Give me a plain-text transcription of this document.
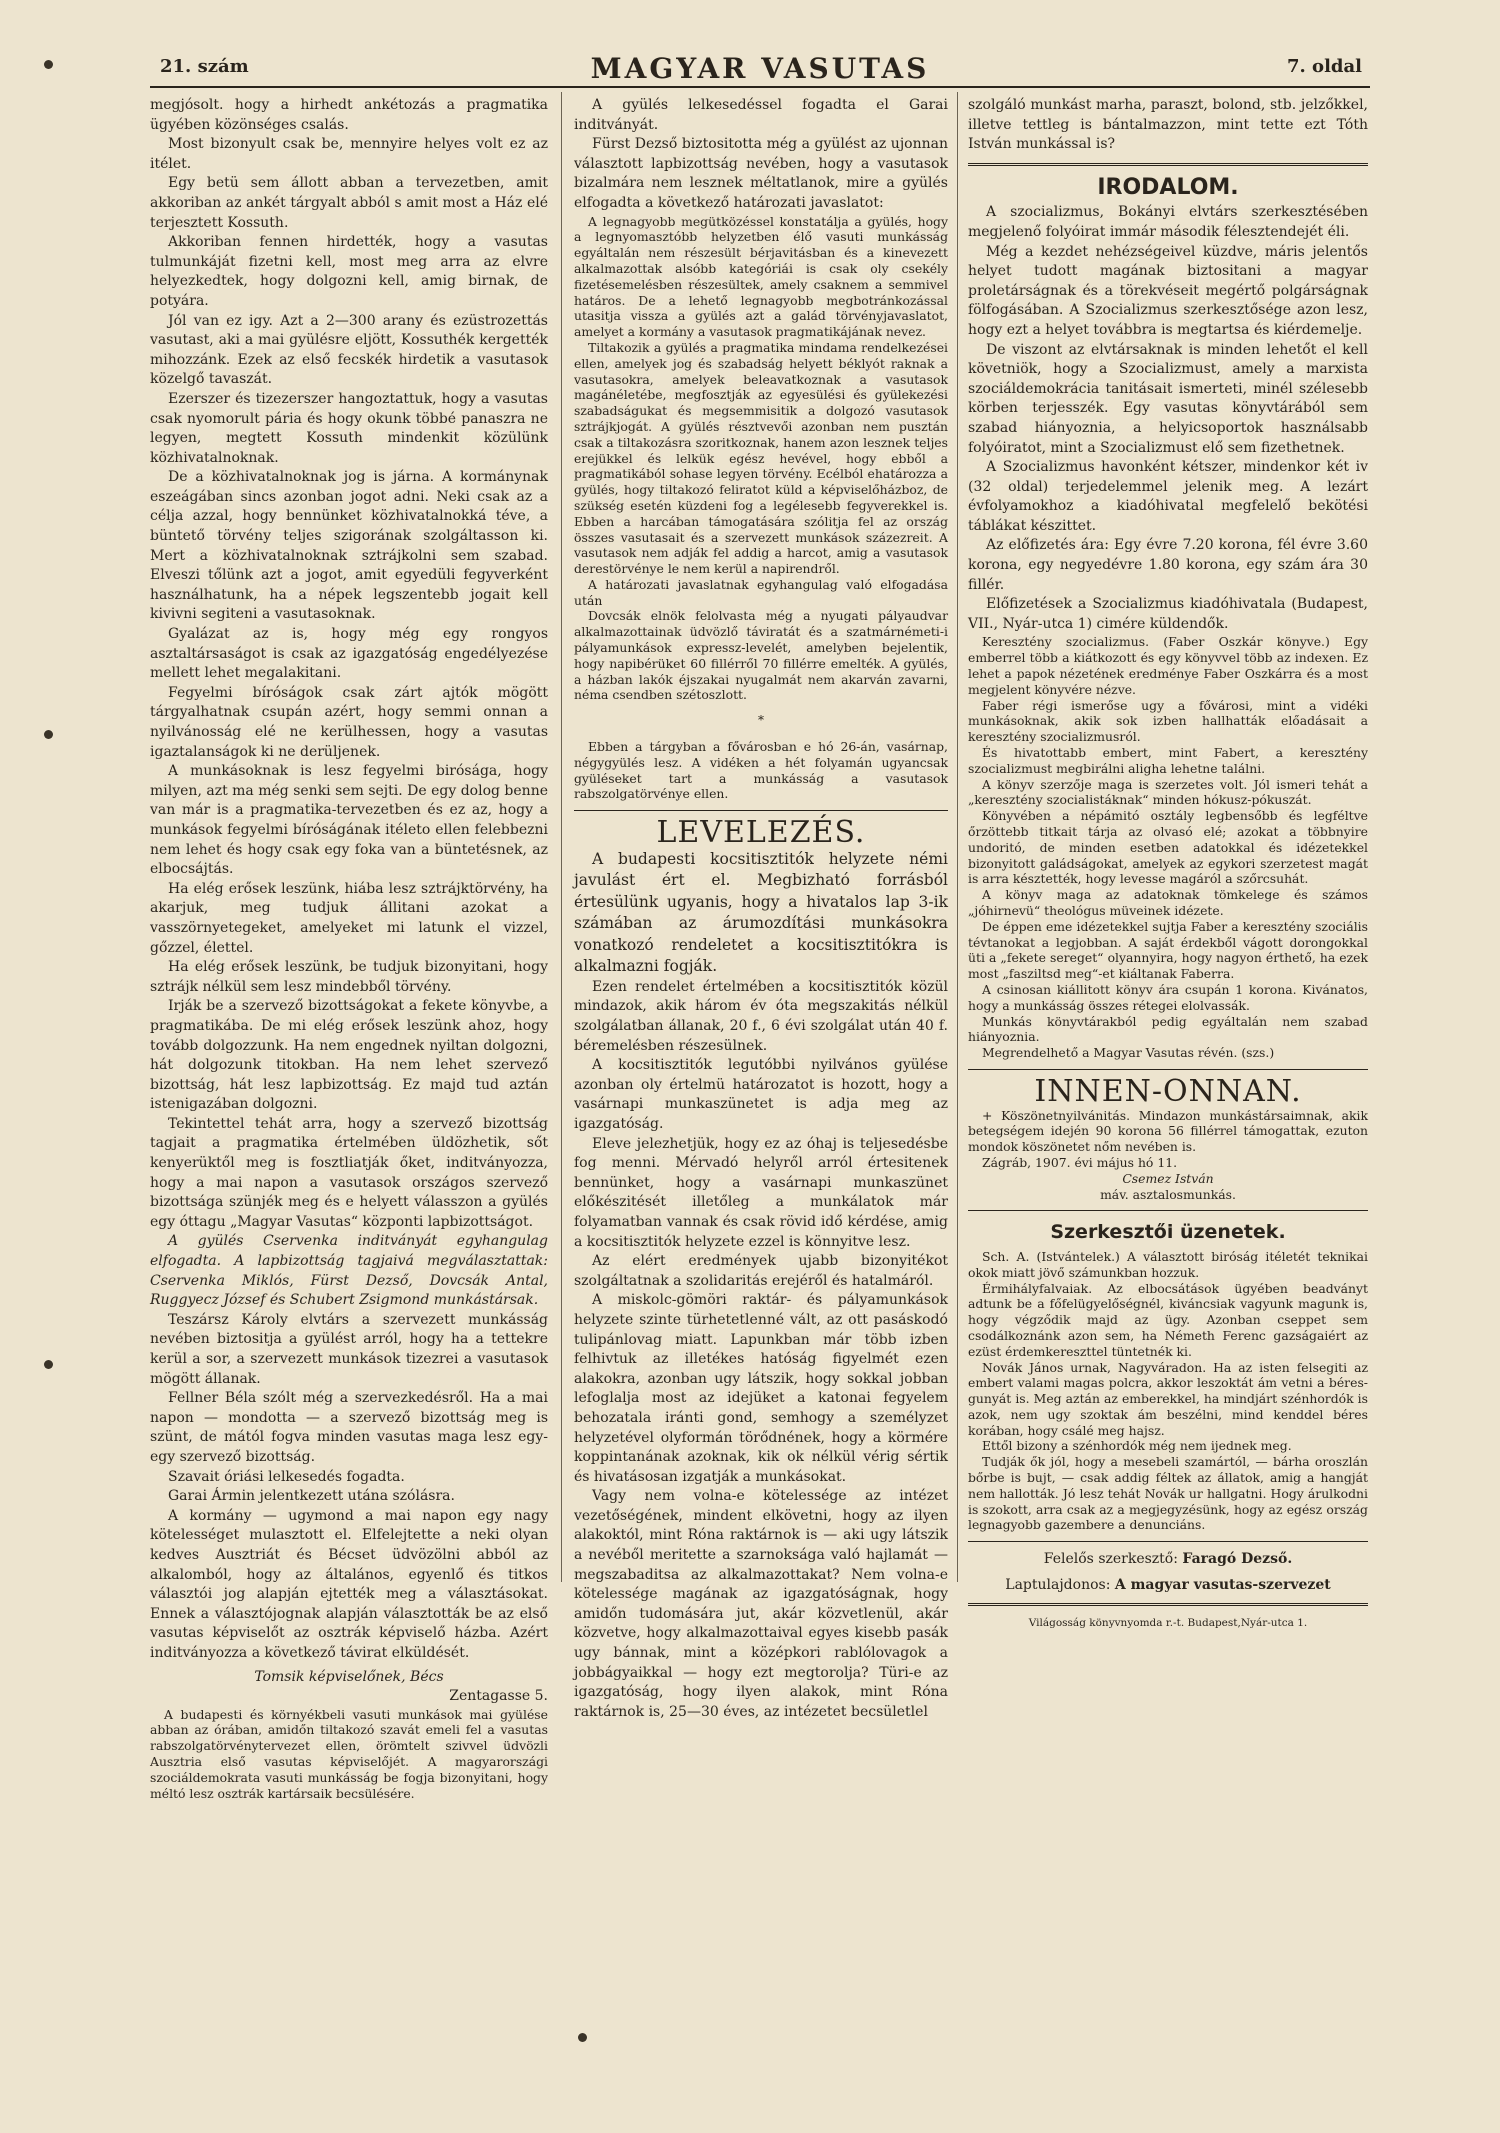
21. szám	MAGYAR VASUTAS	7. oldal

megjósolt. hogy a hirhedt ankétozás a pragmatika ügyében közönséges csalás.

Most bizonyult csak be, mennyire helyes volt ez az itélet.

Egy betü sem állott abban a tervezetben, amit akkoriban az ankét tárgyalt abból s amit most a Ház elé terjesztett Kossuth.

Akkoriban fennen hirdették, hogy a vasutas tulmunkáját fizetni kell, most meg arra az elvre helyezkedtek, hogy dolgozni kell, amig birnak, de potyára.

Jól van ez igy. Azt a 2—300 arany és ezüstrozettás vasutast, aki a mai gyülésre eljött, Kossuthék kergették mihozzánk. Ezek az első fecskék hirdetik a vasutasok közelgő tavaszát.

Ezerszer és tizezerszer hangoztattuk, hogy a vasutas csak nyomorult pária és hogy okunk többé panaszra ne legyen, megtett Kossuth mindenkit közülünk közhivatalnoknak.

De a közhivatalnoknak jog is járna. A kormánynak eszeágában sincs azonban jogot adni. Neki csak az a célja azzal, hogy bennünket közhivatalnokká téve, a büntető törvény teljes szigorának szolgáltasson ki. Mert a közhivatalnoknak sztrájkolni sem szabad. Elveszi tőlünk azt a jogot, amit egyedüli fegyverként használhatunk, ha a népek legszentebb jogait kell kivivni segiteni a vasutasoknak.

Gyalázat az is, hogy még egy rongyos asztaltársaságot is csak az igazgatóság engedélyezése mellett lehet megalakitani.

Fegyelmi bíróságok csak zárt ajtók mögött tárgyalhatnak csupán azért, hogy semmi onnan a nyilvánosság elé ne kerülhessen, hogy a vasutas igaztalanságok ki ne derüljenek.

A munkásoknak is lesz fegyelmi birósága, hogy milyen, azt ma még senki sem sejti. De egy dolog benne van már is a pragmatika-tervezetben és ez az, hogy a munkások fegyelmi bíróságának itéleto ellen felebbezni nem lehet és hogy csak egy foka van a büntetésnek, az elbocsájtás.

Ha elég erősek leszünk, hiába lesz sztrájktörvény, ha akarjuk, meg tudjuk állitani azokat a vasszörnyetegeket, amelyeket mi latunk el vizzel, gőzzel, élettel.

Ha elég erősek leszünk, be tudjuk bizonyitani, hogy sztrájk nélkül sem lesz mindebből törvény.

Irják be a szervező bizottságokat a fekete könyvbe, a pragmatikába. De mi elég erősek leszünk ahoz, hogy tovább dolgozzunk. Ha nem engednek nyiltan dolgozni, hát dolgozunk titokban. Ha nem lehet szervező bizottság, hát lesz lapbizottság. Ez majd tud aztán istenigazában dolgozni.

Tekintettel tehát arra, hogy a szervező bizottság tagjait a pragmatika értelmében üldözhetik, sőt kenyerüktől meg is fosztliatják őket, inditványozza, hogy a mai napon a vasutasok országos szervező bizottsága szünjék meg és e helyett válasszon a gyülés egy óttagu „Magyar Vasutas“ központi lapbizottságot.

A gyülés Cservenka inditványát egyhangulag elfogadta. A lapbizottság tagjaivá megválasztattak: Cservenka Miklós, Fürst Dezső, Dovcsák Antal, Ruggyecz József és Schubert Zsigmond munkástársak.

Teszársz Károly elvtárs a szervezett munkásság nevében biztositja a gyülést arról, hogy ha a tettekre kerül a sor, a szervezett munkások tizezrei a vasutasok mögött állanak.

Fellner Béla szólt még a szervezkedésről. Ha a mai napon — mondotta — a szervező bizottság meg is szünt, de mától fogva minden vasutas maga lesz egy-egy szervező bizottság.

Szavait óriási lelkesedés fogadta.

Garai Ármin jelentkezett utána szólásra.

A kormány — ugymond a mai napon egy nagy kötelességet mulasztott el. Elfelejtette a neki olyan kedves Ausztriát és Bécset üdvözölni abból az alkalomból, hogy az általános, egyenlő és titkos választói jog alapján ejtették meg a választásokat. Ennek a választójognak alapján választották be az első vasutas képviselőt az osztrák képviselő házba. Azért inditványozza a következő távirat elküldését.

Tomsik képviselőnek, Bécs

Zentagasse 5.

A budapesti és környékbeli vasuti munkások mai gyülése abban az órában, amidőn tiltakozó szavát emeli fel a vasutas rabszolgatörvénytervezet ellen, örömtelt szivvel üdvözli Ausztria első vasutas képviselőjét. A magyarországi szociáldemokrata vasuti munkásság be fogja bizonyitani, hogy méltó lesz osztrák kartársaik becsülésére.

A gyülés lelkesedéssel fogadta el Garai inditványát.

Fürst Dezső biztositotta még a gyülést az ujonnan választott lapbizottság nevében, hogy a vasutasok bizalmára nem lesznek méltatlanok, mire a gyülés elfogadta a következő határozati javaslatot:

A legnagyobb megütközéssel konstatálja a gyülés, hogy a legnyomasztóbb helyzetben élő vasuti munkásság egyáltalán nem részesült bérjavitásban és a kinevezett alkalmazottak alsóbb kategóriái is csak oly csekély fizetésemelésben részesültek, amely csaknem a semmivel határos. De a lehető legnagyobb megbotránkozással utasitja vissza a gyülés azt a galád törvényjavaslatot, amelyet a kormány a vasutasok pragmatikájának nevez.

Tiltakozik a gyülés a pragmatika mindama rendelkezései ellen, amelyek jog és szabadság helyett béklyót raknak a vasutasokra, amelyek beleavatkoznak a vasutasok magánéletébe, megfosztják az egyesülési és gyülekezési szabadságukat és megsemmisitik a dolgozó vasutasok sztrájkjogát. A gyülés résztvevői azonban nem pusztán csak a tiltakozásra szoritkoznak, hanem azon lesznek teljes erejükkel és lelkük egész hevével, hogy ebből a pragmatikából sohase legyen törvény. Ecélból ehatározza a gyülés, hogy tiltakozó feliratot küld a képviselőházboz, de szükség esetén küzdeni fog a legélesebb fegyverekkel is. Ebben a harcában támogatására szólitja fel az ország összes vasutasait és a szervezett munkások százezreit. A vasutasok nem adják fel addig a harcot, amig a vasutasok derestörvénye le nem kerül a napirendről.

A határozati javaslatnak egyhangulag való elfogadása után

Dovcsák elnök felolvasta még a nyugati pályaudvar alkalmazottainak üdvözlő táviratát és a szatmárnémeti-i pályamunkások expressz-levelét, amelyben bejelentik, hogy napibérüket 60 fillérről 70 fillérre emelték. A gyülés, a házban lakók éjszakai nyugalmát nem akarván zavarni, néma csendben szétoszlott.

*

Ebben a tárgyban a fővárosban e hó 26-án, vasárnap, négygyülés lesz. A vidéken a hét folyamán ugyancsak gyüléseket tart a munkásság a vasutasok rabszolgatörvénye ellen.

LEVELEZÉS.

A budapesti kocsitisztitók helyzete némi javulást ért el. Megbizható forrásból értesülünk ugyanis, hogy a hivatalos lap 3-ik számában az árumozdítási munkásokra vonatkozó rendeletet a kocsitisztitókra is alkalmazni fogják.

Ezen rendelet értelmében a kocsitisztitók közül mindazok, akik három év óta megszakitás nélkül szolgálatban állanak, 20 f., 6 évi szolgálat után 40 f. béremelésben részesülnek.

A kocsitisztitók legutóbbi nyilvános gyülése azonban oly értelmü határozatot is hozott, hogy a vasárnapi munkaszünetet is adja meg az igazgatóság.

Eleve jelezhetjük, hogy ez az óhaj is teljesedésbe fog menni. Mérvadó helyről arról értesitenek bennünket, hogy a vasárnapi munkaszünet előkészitését illetőleg a munkálatok már folyamatban vannak és csak rövid idő kérdése, amig a kocsitisztitók helyzete ezzel is könnyitve lesz.

Az elért eredmények ujabb bizonyitékot szolgáltatnak a szolidaritás erejéről és hatalmáról.

A miskolc-gömöri raktár- és pályamunkások helyzete szinte türhetetlenné vált, az ott pasáskodó tulipánlovag miatt. Lapunkban már több izben felhivtuk az illetékes hatóság figyelmét ezen alakokra, azonban ugy látszik, hogy sokkal jobban lefoglalja most az idejüket a katonai fegyelem behozatala iránti gond, semhogy a személyzet helyzetével olyformán törődnének, hogy a körmére koppintanának azoknak, kik ok nélkül vérig sértik és hivatásosan izgatják a munkásokat.

Vagy nem volna-e kötelessége az intézet vezetőségének, mindent elkövetni, hogy az ilyen alakoktól, mint Róna raktárnok is — aki ugy látszik a nevéből meritette a szarnoksága való hajlamát — megszabaditsa az alkalmazottakat? Nem volna-e kötelessége magának az igazgatóságnak, hogy amidőn tudomására jut, akár közvetlenül, akár közvetve, hogy alkalmazottaival egyes kisebb pasák ugy bánnak, mint a középkori rablólovagok a jobbágyaikkal — hogy ezt megtorolja? Türi-e az igazgatóság, hogy ilyen alakok, mint Róna raktárnok is, 25—30 éves, az intézetet becsületlel

szolgáló munkást marha, paraszt, bolond, stb. jelzőkkel, illetve tettleg is bántalmazzon, mint tette ezt Tóth István munkással is?

IRODALOM.

A szocializmus, Bokányi elvtárs szerkesztésében megjelenő folyóirat immár második félesztendejét éli.

Még a kezdet nehézségeivel küzdve, máris jelentős helyet tudott magának biztositani a magyar proletárságnak és a törekvéseit megértő polgárságnak fölfogásában. A Szocializmus szerkesztősége azon lesz, hogy ezt a helyet továbbra is megtartsa és kiérdemelje.

De viszont az elvtársaknak is minden lehetőt el kell követniök, hogy a Szocializmust, amely a marxista szociáldemokrácia tanitásait ismerteti, minél szélesebb körben terjesszék. Egy vasutas könyvtárából sem szabad hiányoznia, a helyicsoportok használsabb folyóiratot, mint a Szocializmust elő sem fizethetnek.

A Szocializmus havonként kétszer, mindenkor két iv (32 oldal) terjedelemmel jelenik meg. A lezárt évfolyamokhoz a kiadóhivatal megfelelő bekötési táblákat készittet.

Az előfizetés ára: Egy évre 7.20 korona, fél évre 3.60 korona, egy negyedévre 1.80 korona, egy szám ára 30 fillér.

Előfizetések a Szocializmus kiadóhivatala (Budapest, VII., Nyár-utca 1) cimére küldendők.

Keresztény szocializmus. (Faber Oszkár könyve.) Egy emberrel több a kiátkozott és egy könyvvel több az indexen. Ez lehet a papok nézetének eredménye Faber Oszkárra és a most megjelent könyvére nézve.

Faber régi ismerőse ugy a fővárosi, mint a vidéki munkásoknak, akik sok izben hallhatták előadásait a keresztény szocializmusról.

És hivatottabb embert, mint Fabert, a keresztény szocializmust megbirálni aligha lehetne találni.

A könyv szerzője maga is szerzetes volt. Jól ismeri tehát a „keresztény szocialistáknak“ minden hókusz-pókuszát.

Könyvében a népámitó osztály legbensőbb és legféltve őrzöttebb titkait tárja az olvasó elé; azokat a többnyire undoritó, de minden esetben adatokkal és idézetekkel bizonyitott galádságokat, amelyek az egykori szerzetest magát is arra késztették, hogy levesse magáról a szőrcsuhát.

A könyv maga az adatoknak tömkelege és számos „jóhirnevü“ theológus müveinek idézete.

De éppen eme idézetekkel sujtja Faber a keresztény szociális tévtanokat a legjobban. A saját érdekből vágott dorongokkal üti a „fekete sereget“ olyannyira, hogy nagyon érthető, ha ezek most „fasziltsd meg“-et kiáltanak Faberra.

A csinosan kiállitott könyv ára csupán 1 korona. Kivánatos, hogy a munkásság összes rétegei elolvassák.

Munkás könyvtárakból pedig egyáltalán nem szabad hiányoznia.

Megrendelhető a Magyar Vasutas révén. (szs.)

INNEN-ONNAN.

+ Köszönetnyilvánitás. Mindazon munkástársaimnak, akik betegségem idején 90 korona 56 fillérrel támogattak, ezuton mondok köszönetet nőm nevében is.

Zágráb, 1907. évi május hó 11.

Csemez István

máv. asztalosmunkás.

Szerkesztői üzenetek.

Sch. A. (Istvántelek.) A választott biróság itéletét teknikai okok miatt jövő számunkban hozzuk.

Érmihályfalvaiak. Az elbocsátások ügyében beadványt adtunk be a főfelügyelőségnél, kiváncsiak vagyunk magunk is, hogy végződik majd az ügy. Azonban cseppet sem csodálkoznánk azon sem, ha Németh Ferenc gazságaiért az ezüst érdemkereszttel tüntetnék ki.

Novák János urnak, Nagyváradon. Ha az isten felsegiti az embert valami magas polcra, akkor leszoktát ám vetni a béres-gunyát is. Meg aztán az emberekkel, ha mindjárt szénhordók is azok, nem ugy szoktak ám beszélni, mind kenddel béres korában, hogy csálé meg hajsz.

Ettől bizony a szénhordók még nem ijednek meg.

Tudják ők jól, hogy a mesebeli szamártól, — bárha oroszlán bőrbe is bujt, — csak addig féltek az állatok, amig a hangját nem hallották. Jó lesz tehát Novák ur hallgatni. Hogy árulkodni is szokott, arra csak az a megjegyzésünk, hogy az egész ország legnagyobb gazembere a denunciáns.

Felelős szerkesztő: Faragó Dezső.
Laptulajdonos: A magyar vasutas-szervezet
Világosság könyvnyomda r.-t. Budapest,Nyár-utca 1.
